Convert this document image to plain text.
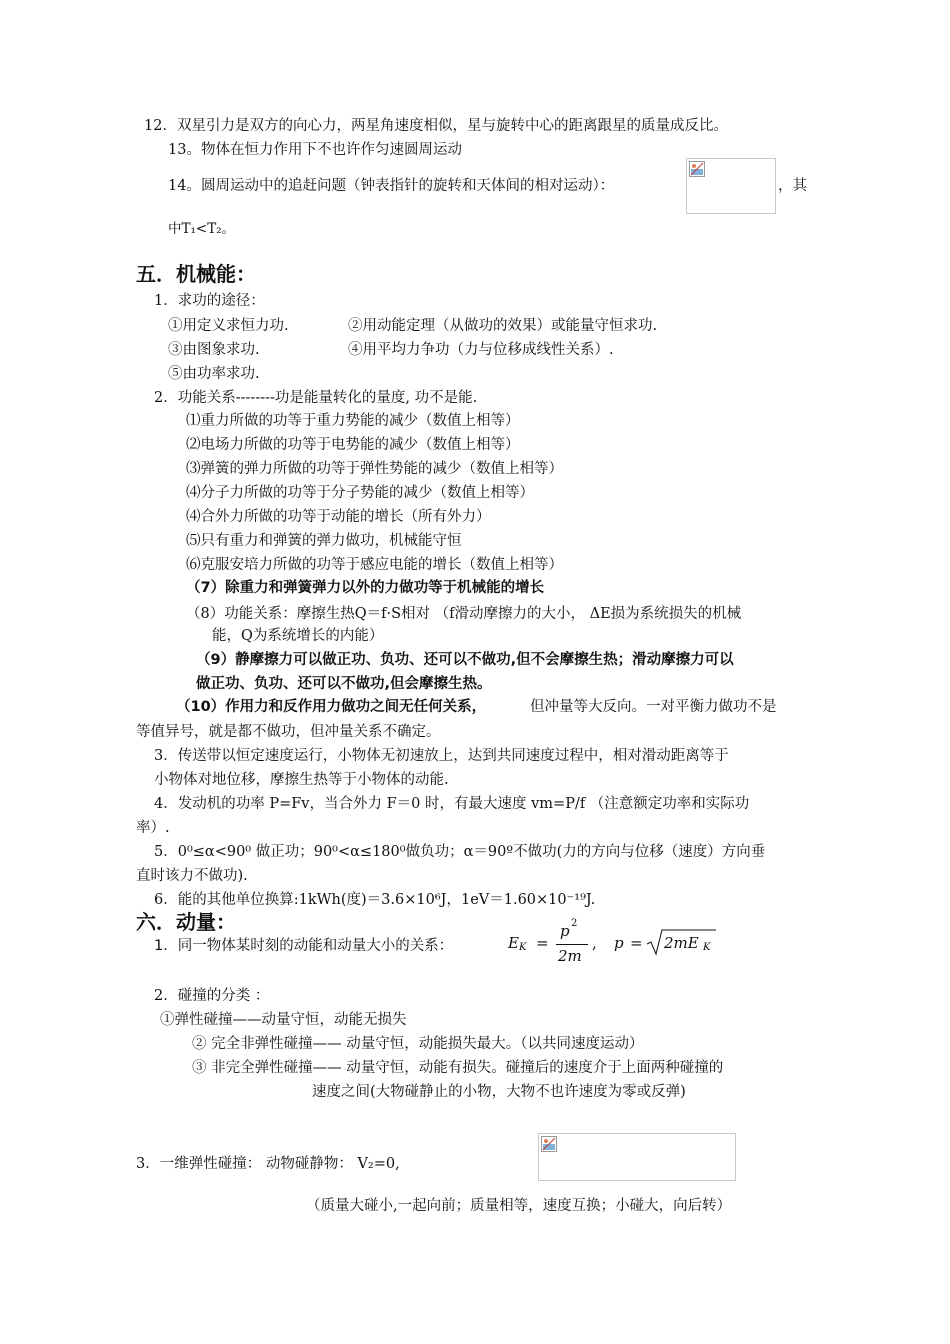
12．双星引力是双方的向心力，两星角速度相似，星与旋转中心的距离跟星的质量成反比。
13。物体在恒力作用下不也许作匀速圆周运动
14。圆周运动中的追赶问题（钟表指针的旋转和天体间的相对运动）：	，其
中T₁<T₂。
五．机械能：
1．求功的途径：
①用定义求恒力功.	②用动能定理（从做功的效果）或能量守恒求功.
③由图象求功.	④用平均力争功（力与位移成线性关系）.
⑤由功率求功.
2．功能关系--------功是能量转化的量度, 功不是能.
⑴重力所做的功等于重力势能的减少（数值上相等）
⑵电场力所做的功等于电势能的减少（数值上相等）
⑶弹簧的弹力所做的功等于弹性势能的减少（数值上相等）
⑷分子力所做的功等于分子势能的减少（数值上相等）
⑷合外力所做的功等于动能的增长（所有外力）
⑸只有重力和弹簧的弹力做功，机械能守恒
⑹克服安培力所做的功等于感应电能的增长（数值上相等）
（7）除重力和弹簧弹力以外的力做功等于机械能的增长
（8）功能关系：摩擦生热Q＝f·S相对 （f滑动摩擦力的大小， ΔE损为系统损失的机械
能，Q为系统增长的内能）
（9）静摩擦力可以做正功、负功、还可以不做功,但不会摩擦生热；滑动摩擦力可以
做正功、负功、还可以不做功,但会摩擦生热。
（10）作用力和反作用力做功之间无任何关系，	但冲量等大反向。一对平衡力做功不是
等值异号，就是都不做功，但冲量关系不确定。
3．传送带以恒定速度运行，小物体无初速放上，达到共同速度过程中，相对滑动距离等于
小物体对地位移，摩擦生热等于小物体的动能.
4．发动机的功率 P=Fv，当合外力 F＝0 时，有最大速度 vm=P/f （注意额定功率和实际功
率）.
5．0⁰≤α<90⁰ 做正功；90⁰<α≤180⁰做负功；α＝90º不做功(力的方向与位移（速度）方向垂
直时该力不做功).
6．能的其他单位换算:1kWh(度)＝3.6×10⁶J，1eV＝1.60×10⁻¹⁹J.
六．动量：
1．同一物体某时刻的动能和动量大小的关系：	E K =
p 2
2m
, p = 2mE K
2．碰撞的分类 ：
①弹性碰撞——动量守恒，动能无损失
② 完全非弹性碰撞—— 动量守恒，动能损失最大。（以共同速度运动）
③ 非完全弹性碰撞—— 动量守恒，动能有损失。碰撞后的速度介于上面两种碰撞的
速度之间(大物碰静止的小物，大物不也许速度为零或反弹)
3．一维弹性碰撞： 动物碰静物： V₂=0,
（质量大碰小,一起向前；质量相等，速度互换；小碰大，向后转）
